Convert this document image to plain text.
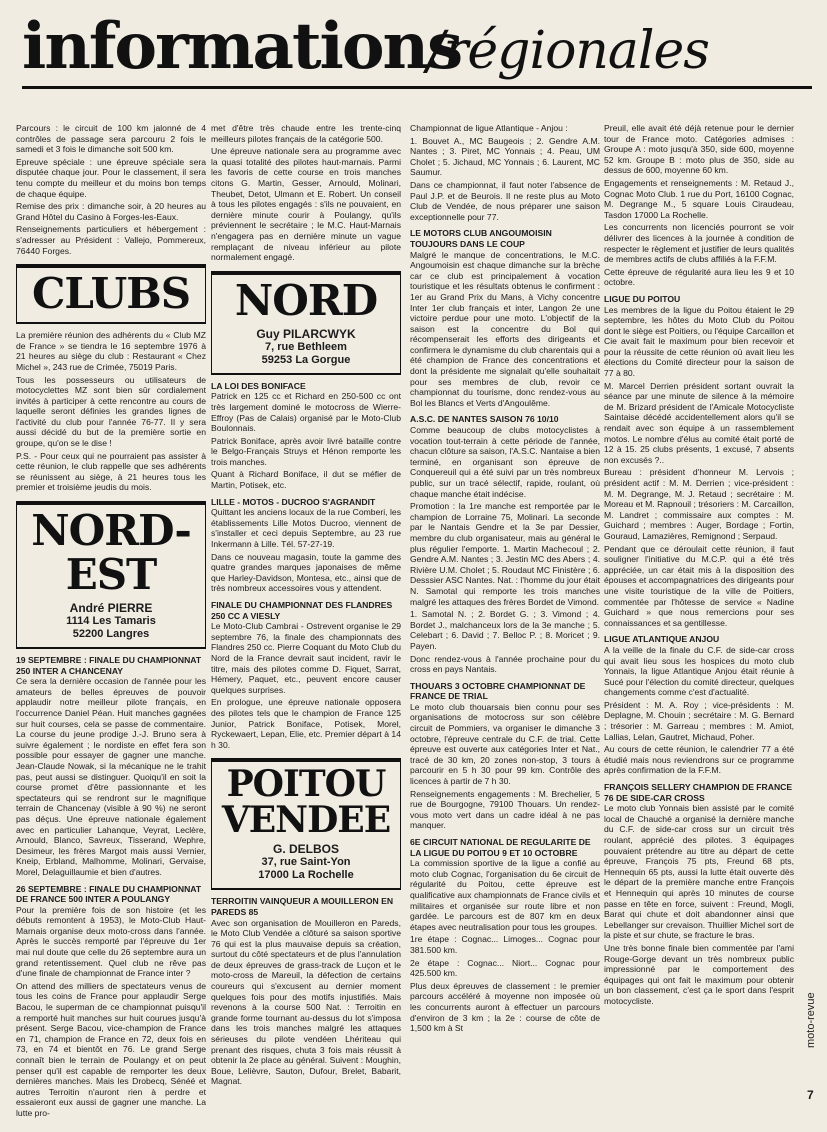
informations
/régionales

Parcours : le circuit de 100 km jalonné de 4 contrôles de passage sera parcouru 2 fois le samedi et 3 fois le dimanche soit 500 km.

Epreuve spéciale : une épreuve spéciale sera disputée chaque jour. Pour le classement, il sera tenu compte du meilleur et du moins bon temps de chaque équipe.

Remise des prix : dimanche soir, à 20 heures au Grand Hôtel du Casino à Forges-les-Eaux.

Renseignements particuliers et hébergement : s'adresser au Président : Vallejo, Pommereux, 76440 Forges.

CLUBS

La première réunion des adhérents du « Club MZ de France » se tiendra le 16 septembre 1976 à 21 heures au siège du club : Restaurant « Chez Michel », 243 rue de Crimée, 75019 Paris.

Tous les possesseurs ou utilisateurs de motocyclettes MZ sont bien sûr cordialement invités à participer à cette rencontre au cours de laquelle seront définies les grandes lignes de l'activité du club pour l'année 76-77. Il y sera aussi décidé du but de la première sortie en groupe, qu'on se le dise !

P.S. - Pour ceux qui ne pourraient pas assister à cette réunion, le club rappelle que ses adhérents se réunissent au siège, à 21 heures tous les premier et troisième jeudis du mois.

NORD-EST
André PIERRE
1114 Les Tamaris
52200 Langres

19 SEPTEMBRE : FINALE DU CHAMPIONNAT 250 INTER A CHANCENAY

Ce sera la dernière occasion de l'année pour les amateurs de belles épreuves de pouvoir applaudir notre meilleur pilote français, en l'occurrence Daniel Péan. Huit manches gagnées sur huit courses, cela se passe de commentaire. La course du jeune prodige J.-J. Bruno sera à suivre également ; le nordiste en effet fera son possible pour essayer de gagner une manche. Jean-Claude Nowak, si la mécanique ne le trahit pas, peut aussi se distinguer. Quoiqu'il en soit la course promet d'être passionnante et les spectateurs qui se rendront sur le magnifique terrain de Chancenay (visible à 90 %) ne seront pas déçus. Une épreuve nationale également avec en particulier Lahanque, Veyrat, Leclère, Arnould, Blanco, Savreux, Tisserand, Wephre, Desimeur, les frères Margot mais aussi Vernier, Kneip, Erbland, Malhomme, Molinari, Gervaise, Morel, Delaguillaumie et bien d'autres.

26 SEPTEMBRE : FINALE DU CHAMPIONNAT DE FRANCE 500 INTER A POULANGY

Pour la première fois de son histoire (et les débuts remontent à 1953), le Moto-Club Haut-Marnais organise deux moto-cross dans l'année. Après le succès remporté par l'épreuve du 1er mai nul doute que celle du 26 septembre aura un grand retentissement. Quel club ne rêve pas d'une finale de championnat de France inter ?

On attend des milliers de spectateurs venus de tous les coins de France pour applaudir Serge Bacou, le superman de ce championnat puisqu'il a remporté huit manches sur huit courues jusqu'à présent. Serge Bacou, vice-champion de France en 71, champion de France en 72, deux fois en 73, en 74 et bientôt en 76. Le grand Serge connaît bien le terrain de Poulangy et on peut penser qu'il est capable de remporter les deux dernières manches. Mais les Drobecq, Sénéé et autres Terroitin n'auront rien à perdre et essaieront eux aussi de gagner une manche. La lutte pro-

met d'être très chaude entre les trente-cinq meilleurs pilotes français de la catégorie 500.

Une épreuve nationale sera au programme avec la quasi totalité des pilotes haut-marnais. Parmi les favoris de cette course en trois manches citons G. Martin, Gesser, Arnould, Molinari, Theubet, Detot, Ulmann et E. Robert. Un conseil à tous les pilotes engagés : s'ils ne pouvaient, en dernière minute courir à Poulangy, qu'ils préviennent le secrétaire ; le M.C. Haut-Marnais n'engagera pas en dernière minute un vague remplaçant de niveau inférieur au pilote normalement engagé.

NORD
Guy PILARCWYK
7, rue Bethleem
59253 La Gorgue

LA LOI DES BONIFACE

Patrick en 125 cc et Richard en 250-500 cc ont très largement dominé le motocross de Wierre-Effroy (Pas de Calais) organisé par le Moto-Club Boulonnais.

Patrick Boniface, après avoir livré bataille contre le Belgo-Français Struys et Hénon remporte les trois manches.

Quant à Richard Boniface, il dut se méfier de Martin, Potisek, etc.

LILLE - MOTOS - DUCROO S'AGRANDIT

Quittant les anciens locaux de la rue Comberi, les établissements Lille Motos Ducroo, viennent de s'installer et ceci depuis Septembre, au 23 rue Inkermann à Lille. Tél. 57-27-19.

Dans ce nouveau magasin, toute la gamme des quatre grandes marques japonaises de même que Harley-Davidson, Montesa, etc., ainsi que de très nombreux accessoires vous y attendent.

FINALE DU CHAMPIONNAT DES FLANDRES 250 CC A VIESLY

Le Moto-Club Cambrai - Ostrevent organise le 29 septembre 76, la finale des championnats des Flandres 250 cc. Pierre Coquant du Moto Club du Nord de la France devrait saut incident, ravir le titre, mais des pilotes comme D. Fiquet, Sarrat, Hémery, Paquet, etc., peuvent encore causer quelques surprises.

En prologue, une épreuve nationale opposera des pilotes tels que le champion de France 125 Junior, Patrick Boniface, Potisek, Morel, Ryckewaert, Lepan, Elie, etc. Premier départ à 14 h 30.

POITOU
VENDEE
G. DELBOS
37, rue Saint-Yon
17000 La Rochelle

TERROITIN VAINQUEUR A MOUILLERON EN PAREDS 85

Avec son organisation de Mouilleron en Pareds, le Moto Club Vendée a clôturé sa saison sportive 76 qui est la plus mauvaise depuis sa création, surtout du côté spectateurs et de plus l'annulation de deux épreuves de grass-track de Luçon et le moto-cross de Mareuil, la défection de certains coureurs qui s'excusent au dernier moment quelques fois pour des motifs injustifiés. Mais revenons à la course 500 Nat. : Terroitin en grande forme tournant au-dessus du lot s'imposa dans les trois manches malgré les attaques sérieuses du pilote vendéen Lhériteau qui prenant des risques, chuta 3 fois mais réussit à obtenir la 2e place au général. Suivent : Moughin, Boue, Lelièvre, Sauton, Dufour, Brelet, Babarit, Magnat.

Championnat de ligue Atlantique - Anjou :

1. Bouvet A., MC Baugeois ; 2. Gendre A.M. Nantes ; 3. Piret, MC Yonnais ; 4. Peau, UM Cholet ; 5. Jichaud, MC Yonnais ; 6. Laurent, MC Saumur.

Dans ce championnat, il faut noter l'absence de Paul J.P. et de Beurois. Il ne reste plus au Moto Club de Vendée, de nous préparer une saison exceptionnelle pour 77.

LE MOTORS CLUB ANGOUMOISIN TOUJOURS DANS LE COUP

Malgré le manque de concentrations, le M.C. Angoumoisin est chaque dimanche sur la brèche car ce club est principalement à vocation touristique et les résultats obtenus le confirment : 1er au Grand Prix du Mans, à Vichy concentre Inter 1er club français et inter, Langon 2e une victoire perdue pour une moto. L'objectif de la saison est la concentre du Bol qui récompenserait les efforts des dirigeants et confirmera le dynamisme du club charentais qui a été champion de France des concentrations et dont la présidente me signalait qu'elle souhaitait pour ses membres de club, revoir ce championnat du tourisme, donc rendez-vous au Bol les Blancs et Verts d'Angoulême.

A.S.C. DE NANTES SAISON 76 10/10

Comme beaucoup de clubs motocyclistes à vocation tout-terrain à cette période de l'année, chacun clôture sa saison, l'A.S.C. Nantaise a bien terminé, en organisant son épreuve de Conquereuil qui a été suivi par un très nombreux public, sur un tracé sélectif, rapide, roulant, où chaque manche était indécise.

Promotion : la 1re manche est remportée par le champion de Lorraine 75, Molinari. La seconde par le Nantais Gendre et la 3e par Dessier, membre du club organisateur, mais au général le plus régulier l'emporte. 1. Martin Machecoul ; 2. Gendre A.M. Nantes ; 3. Jestin MC des Abers ; 4. Rivière U.M. Cholet ; 5. Roudaut MC Finistère ; 6. Desssier ASC Nantes. Nat. : l'homme du jour était N. Samotal qui remporte les trois manches malgré les attaques des frères Bordet de Vimond.

1. Samotal N. ; 2. Bordet G. ; 3. Vimond ; 4. Bordet J., malchanceux lors de la 3e manche ; 5. Celebart ; 6. David ; 7. Belloc P. ; 8. Moricet ; 9. Payen.

Donc rendez-vous à l'année prochaine pour du cross en pays Nantais.

THOUARS 3 OCTOBRE CHAMPIONNAT DE FRANCE DE TRIAL

Le moto club thouarsais bien connu pour ses organisations de motocross sur son célèbre circuit de Pommiers, va organiser le dimanche 3 octobre, l'épreuve centrale du C.F. de trial. Cette épreuve est ouverte aux catégories Inter et Nat., tracé de 30 km, 20 zones non-stop, 3 tours à parcourir en 5 h 30 pour 99 km. Contrôle des licences à partir de 7 h 30.

Renseignements engagements : M. Brechelier, 5 rue de Bourgogne, 79100 Thouars. Un rendez-vous moto vert dans un cadre idéal à ne pas manquer.

6E CIRCUIT NATIONAL DE REGULARITE DE LA LIGUE DU POITOU 9 ET 10 OCTOBRE

La commission sportive de la ligue a confié au moto club Cognac, l'organisation du 6e circuit de régularité du Poitou, cette épreuve est qualificative aux championnats de France civils et militaires et organisée sur route libre et non gardée. Le parcours est de 807 km en deux étapes avec neutralisation pour tous les groupes.

1re étape : Cognac... Limoges... Cognac pour 381.500 km.

2e étape : Cognac... Niort... Cognac pour 425.500 km.

Plus deux épreuves de classement : le premier parcours accéléré à moyenne non imposée où les concurrents auront à effectuer un parcours d'environ de 3 km ; la 2e : course de côte de 1,500 km à St

Preuil, elle avait été déjà retenue pour le dernier tour de France moto. Catégories admises : Groupe A : moto jusqu'à 350, side 600, moyenne 52 km. Groupe B : moto plus de 350, side au dessus de 600, moyenne 60 km.

Engagements et renseignements : M. Retaud J., Cognac Moto Club. 1 rue du Port, 16100 Cognac, M. Degrange M., 5 square Louis Ciraudeau, Tasdon 17000 La Rochelle.

Les concurrents non licenciés pourront se voir délivrer des licences à la journée à condition de respecter le règlement et justifier de leurs qualités de membres actifs de clubs affiliés à la F.F.M.

Cette épreuve de régularité aura lieu les 9 et 10 octobre.

LIGUE DU POITOU

Les membres de la ligue du Poitou étaient le 29 septembre, les hôtes du Moto Club du Poitou dont le siège est Poitiers, ou l'équipe Carcaillon et Cie avait fait le maximum pour bien recevoir et pour la réussite de cette réunion où avait lieu les élections du Comité directeur pour la saison de 77 à 80.

M. Marcel Derrien président sortant ouvrait la séance par une minute de silence à la mémoire de M. Brizard président de l'Amicale Motocycliste Saintaise décédé accidentellement alors qu'il se rendait avec son équipe à un rassemblement motos. Le nombre d'élus au comité était porté de 12 à 15. 25 clubs présents, 1 excusé, 7 absents non excusés ?..

Bureau : président d'honneur M. Lervois ; président actif : M. M. Derrien ; vice-président : M. M. Degrange, M. J. Retaud ; secrétaire : M. Moreau et M. Rapnouil ; trésoriers : M. Carcaillon, M. Landret ; commissaire aux comptes : M. Guichard ; membres : Auger, Bordage ; Fortin, Gouraud, Lamazières, Remignond ; Serpaud.

Pendant que ce déroulait cette réunion, il faut souligner l'initiative du M.C.P. qui a été très appréciée, un car était mis à la disposition des épouses et accompagnatrices des dirigeants pour une visite touristique de la ville de Poitiers, commentée par l'hôtesse de service « Nadine Guichard » que nous remercions pour ses connaissances et sa gentillesse.

LIGUE ATLANTIQUE ANJOU

A la veille de la finale du C.F. de side-car cross qui avait lieu sous les hospices du moto club Yonnais, la ligue Atlantique Anjou était réunie à Sucé pour l'élection du comité directeur, quelques changements comme c'est d'actualité.

Président : M. A. Roy ; vice-présidents : M. Deplagne, M. Chouin ; secrétaire : M. G. Bernard ; trésorier : M. Garreau ; membres : M. Amiot, Lallias, Lelan, Gautret, Michaud, Poher.

Au cours de cette réunion, le calendrier 77 a été étudié mais nous reviendrons sur ce programme après confirmation de la F.F.M.

FRANÇOIS SELLERY CHAMPION DE FRANCE 76 DE SIDE-CAR CROSS

Le moto club Yonnais bien assisté par le comité local de Chauché a organisé la dernière manche du C.F. de side-car cross sur un circuit très roulant, apprécié des pilotes. 3 équipages pouvaient prétendre au titre au départ de cette épreuve, François 75 pts, Freund 68 pts, Hennequin 65 pts, aussi la lutte était ouverte dès le départ de la première manche entre François et Hennequin qui après 10 minutes de course passe en tête en force, suivent : Freund, Mogli, Barat qui chute et doit abandonner ainsi que Lebellanger sur crevaison. Thuillier Michel sort de la piste et sur chute, se fracture le bras.

Une très bonne finale bien commentée par l'ami Rouge-Gorge devant un très nombreux public impressionné par le comportement des équipages qui ont fait le maximum pour obtenir un bon classement, c'est ça le sport dans l'esprit motocycliste.	moto-revue
7
